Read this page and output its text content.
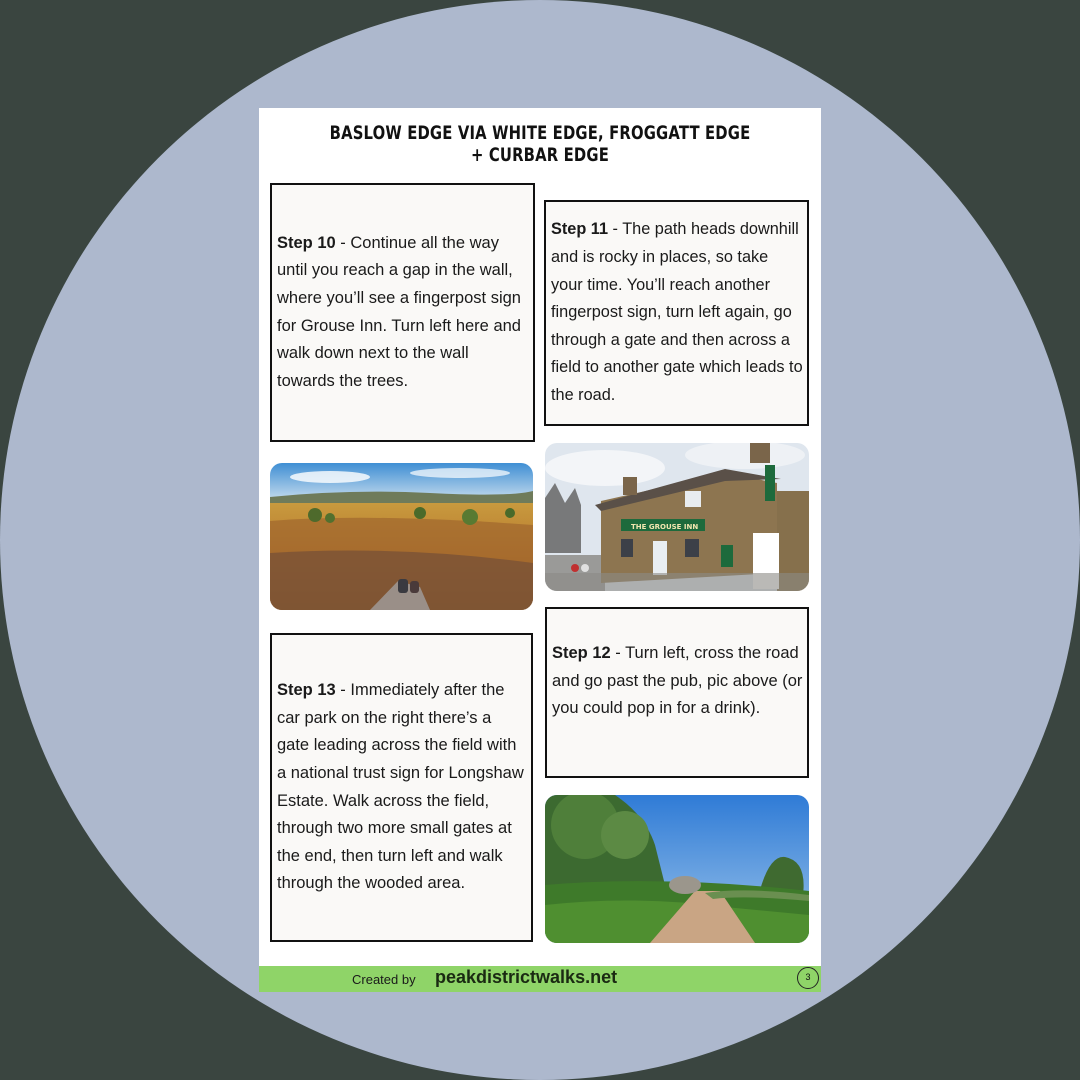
BASLOW EDGE VIA WHITE EDGE, FROGGATT EDGE + CURBAR EDGE
Step 10 - Continue all the way until you reach a gap in the wall, where you’ll see a fingerpost sign for Grouse Inn. Turn left here and walk down next to the wall towards the trees.
Step 11 - The path heads downhill and is rocky in places, so take your time. You’ll reach another fingerpost sign, turn left again, go through a gate and then across a field to another gate which leads to the road.
THE GROUSE INN
Step 13 - Immediately after the car park on the right there’s a gate leading across the field with a national trust sign for Longshaw Estate. Walk across the field, through two more small gates at the end, then turn left and walk through the wooded area.
Step 12 - Turn left, cross the road and go past the pub, pic above (or you could pop in for a drink).
Created by peakdistrictwalks.net	3
